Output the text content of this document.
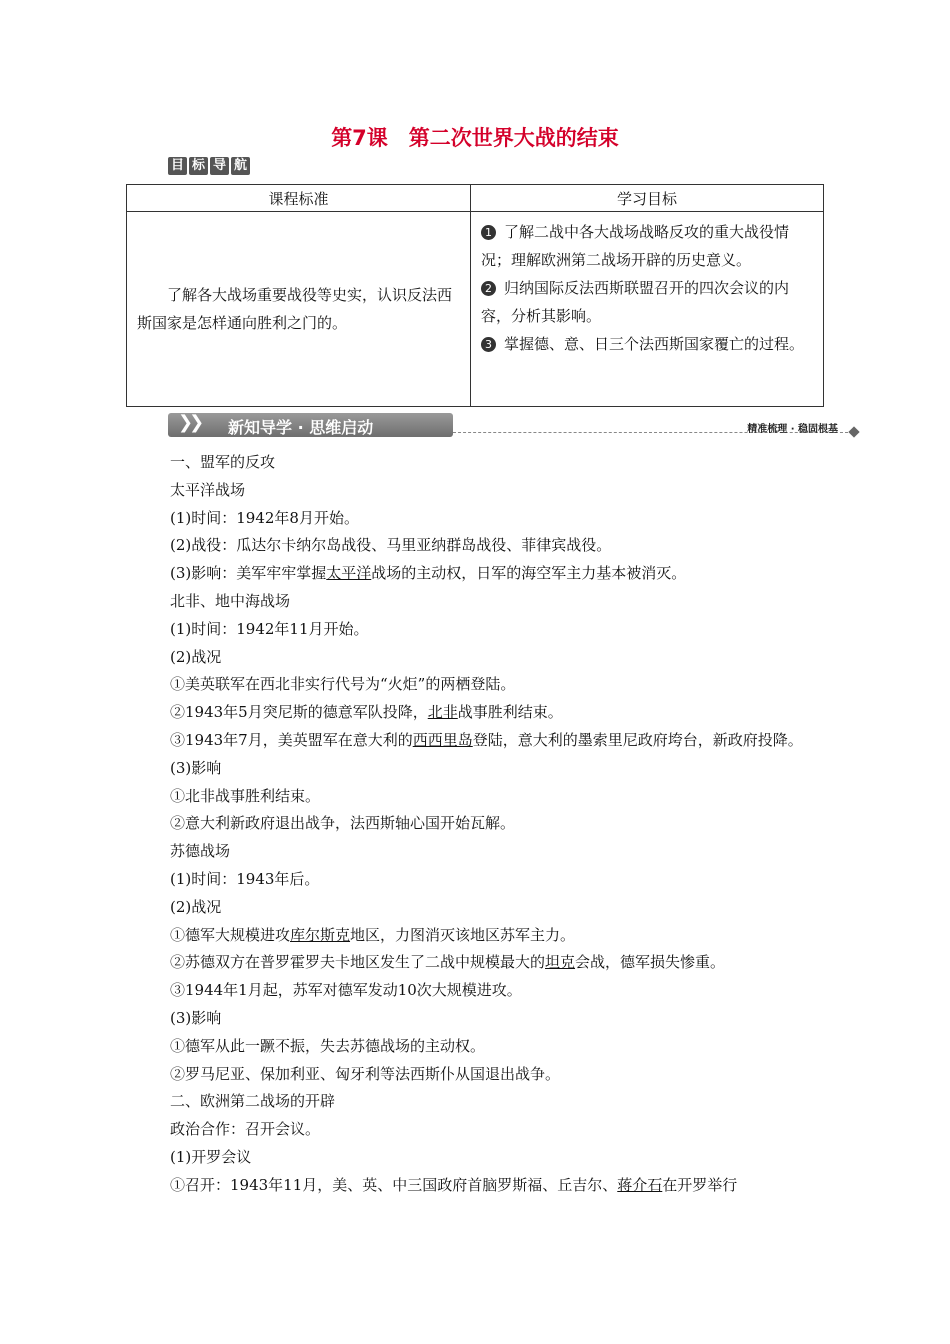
第7课　第二次世界大战的结束
目 标 导 航
课程标准	学习目标
了解各大战场重要战役等史实，认识反法西斯国家是怎样通向胜利之门的。	1 了解二战中各大战场战略反攻的重大战役情况；理解欧洲第二战场开辟的历史意义。
2 归纳国际反法西斯联盟召开的四次会议的内容，分析其影响。
3 掌握德、意、日三个法西斯国家覆亡的过程。
❯❯ 新知导学 · 思维启动	精准梳理 · 稳固根基

一、盟军的反攻

太平洋战场

(1)时间：1942年8月开始。

(2)战役：瓜达尔卡纳尔岛战役、马里亚纳群岛战役、菲律宾战役。

(3)影响：美军牢牢掌握太平洋战场的主动权，日军的海空军主力基本被消灭。

北非、地中海战场

(1)时间：1942年11月开始。

(2)战况

①美英联军在西北非实行代号为“火炬”的两栖登陆。

②1943年5月突尼斯的德意军队投降，北非战事胜利结束。

③1943年7月，美英盟军在意大利的西西里岛登陆，意大利的墨索里尼政府垮台，新政府投降。

(3)影响

①北非战事胜利结束。

②意大利新政府退出战争，法西斯轴心国开始瓦解。

苏德战场

(1)时间：1943年后。

(2)战况

①德军大规模进攻库尔斯克地区，力图消灭该地区苏军主力。

②苏德双方在普罗霍罗夫卡地区发生了二战中规模最大的坦克会战，德军损失惨重。

③1944年1月起，苏军对德军发动10次大规模进攻。

(3)影响

①德军从此一蹶不振，失去苏德战场的主动权。

②罗马尼亚、保加利亚、匈牙利等法西斯仆从国退出战争。

二、欧洲第二战场的开辟

政治合作：召开会议。

(1)开罗会议

①召开：1943年11月，美、英、中三国政府首脑罗斯福、丘吉尔、蒋介石在开罗举行
